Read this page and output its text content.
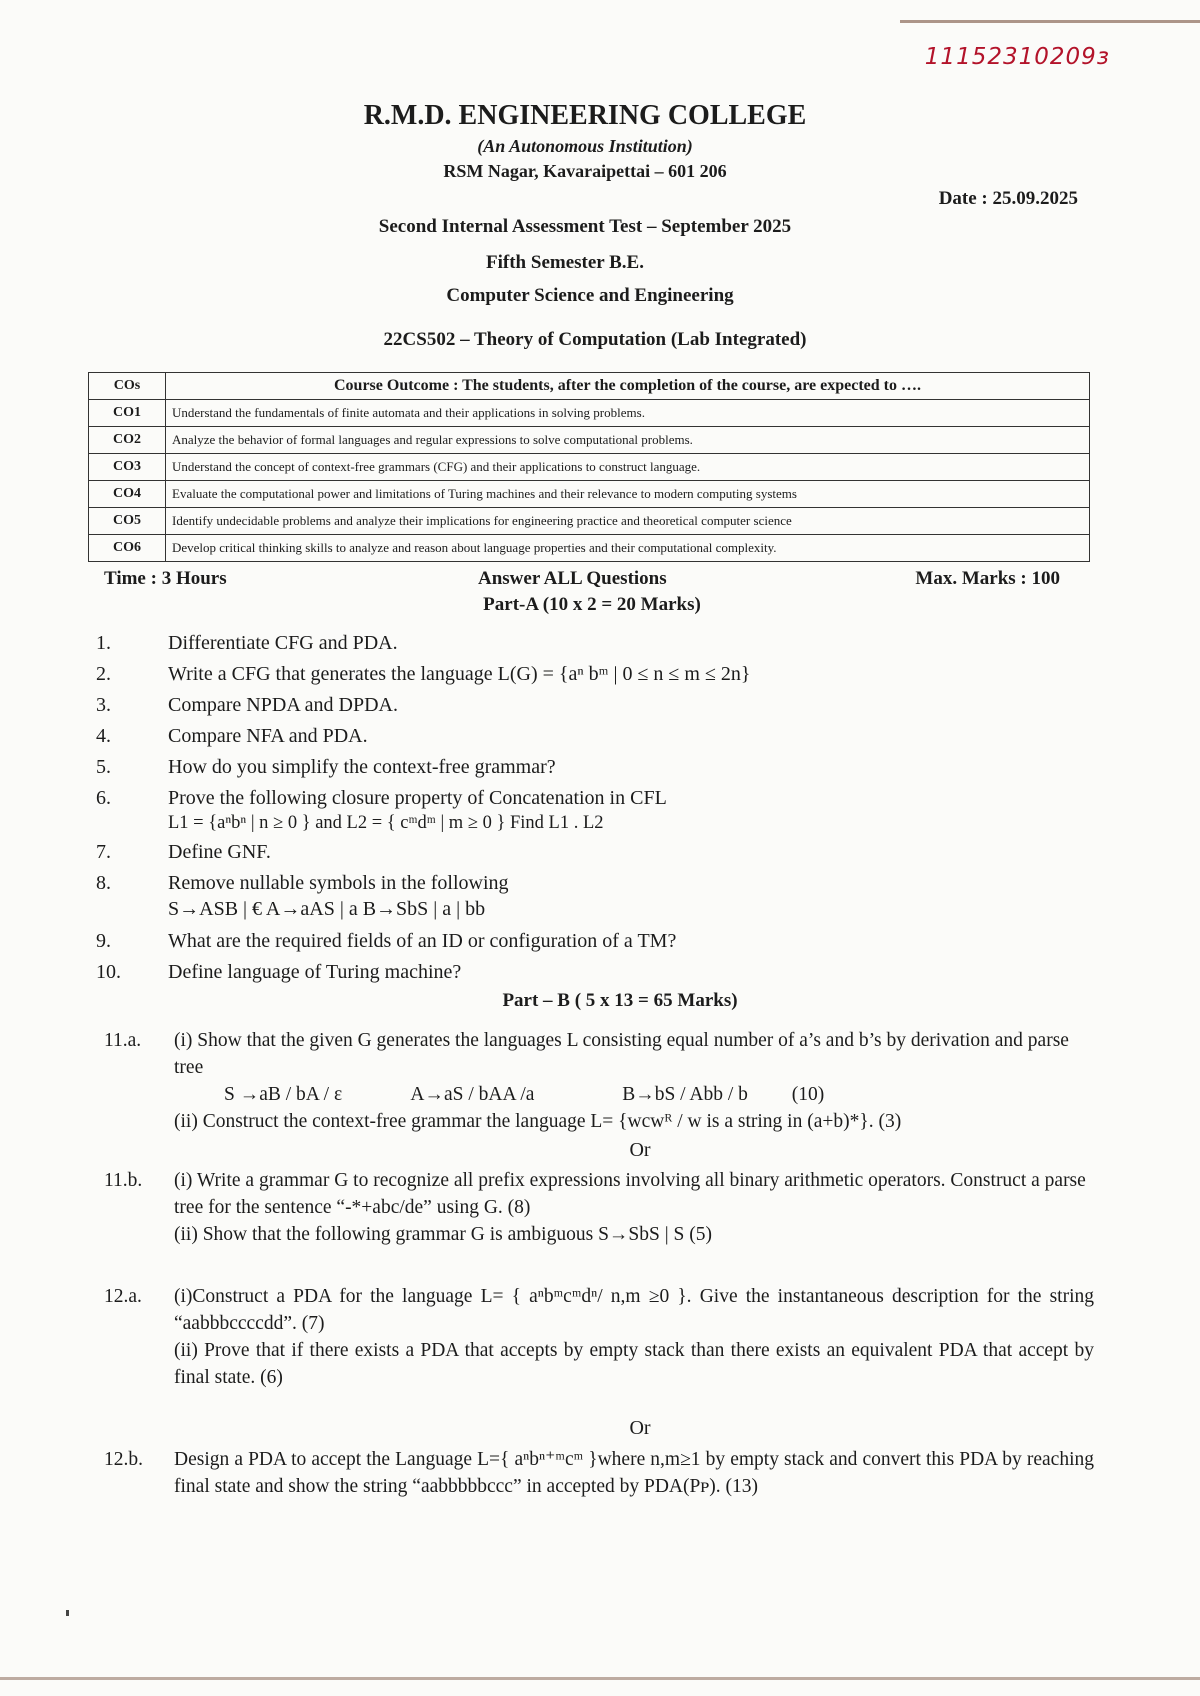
11152310209з
R.M.D. ENGINEERING COLLEGE
(An Autonomous Institution)
RSM Nagar, Kavaraipettai – 601 206
Date : 25.09.2025
Second Internal Assessment Test – September 2025
Fifth Semester B.E.
Computer Science and Engineering
22CS502 – Theory of Computation (Lab Integrated)
COs	Course Outcome : The students, after the completion of the course, are expected to ….
CO1	Understand the fundamentals of finite automata and their applications in solving problems.
CO2	Analyze the behavior of formal languages and regular expressions to solve computational problems.
CO3	Understand the concept of context-free grammars (CFG) and their applications to construct language.
CO4	Evaluate the computational power and limitations of Turing machines and their relevance to modern computing systems
CO5	Identify undecidable problems and analyze their implications for engineering practice and theoretical computer science
CO6	Develop critical thinking skills to analyze and reason about language properties and their computational complexity.
Time : 3 Hours	Answer ALL Questions	Max. Marks : 100
Part-A (10 x 2 = 20 Marks)
1.	Differentiate CFG and PDA.
2.	Write a CFG that generates the language L(G) = {aⁿ bᵐ | 0 ≤ n ≤ m ≤ 2n}
3.	Compare NPDA and DPDA.
4.	Compare NFA and PDA.
5.	How do you simplify the context-free grammar?
6.	Prove the following closure property of Concatenation in CFL
L1 = {aⁿbⁿ | n ≥ 0 } and L2 = { cᵐdᵐ | m ≥ 0 } Find L1 . L2
7.	Define GNF.
8.	Remove nullable symbols in the following
S→ASB | € A→aAS | a B→SbS | a | bb
9.	What are the required fields of an ID or configuration of a TM?
10.	Define language of Turing machine?
Part – B ( 5 x 13 = 65 Marks)
11.a.	(i) Show that the given G generates the languages L consisting equal number of a’s and b’s by derivation and parse tree
S →aB / bA / ε              A→aS / bAA /a                  B→bS / Abb / b         (10)
(ii) Construct the context-free grammar the language L= {wcwᴿ / w is a string in (a+b)*}. (3)
Or
11.b.	(i) Write a grammar G to recognize all prefix expressions involving all binary arithmetic operators. Construct a parse tree for the sentence “-*+abc/de” using G. (8)
(ii) Show that the following grammar G is ambiguous S→SbS | S (5)
12.a.	(i)Construct a PDA for the language L= { aⁿbᵐcᵐdⁿ/ n,m ≥0 }. Give the instantaneous description for the string “aabbbccccdd”. (7)
(ii) Prove that if there exists a PDA that accepts by empty stack than there exists an equivalent PDA that accept by final state. (6)
Or
12.b.	Design a PDA to accept the Language L={ aⁿbⁿ⁺ᵐcᵐ }where n,m≥1 by empty stack and convert this PDA by reaching final state and show the string “aabbbbbccc” in accepted by PDA(Pᴘ). (13)
